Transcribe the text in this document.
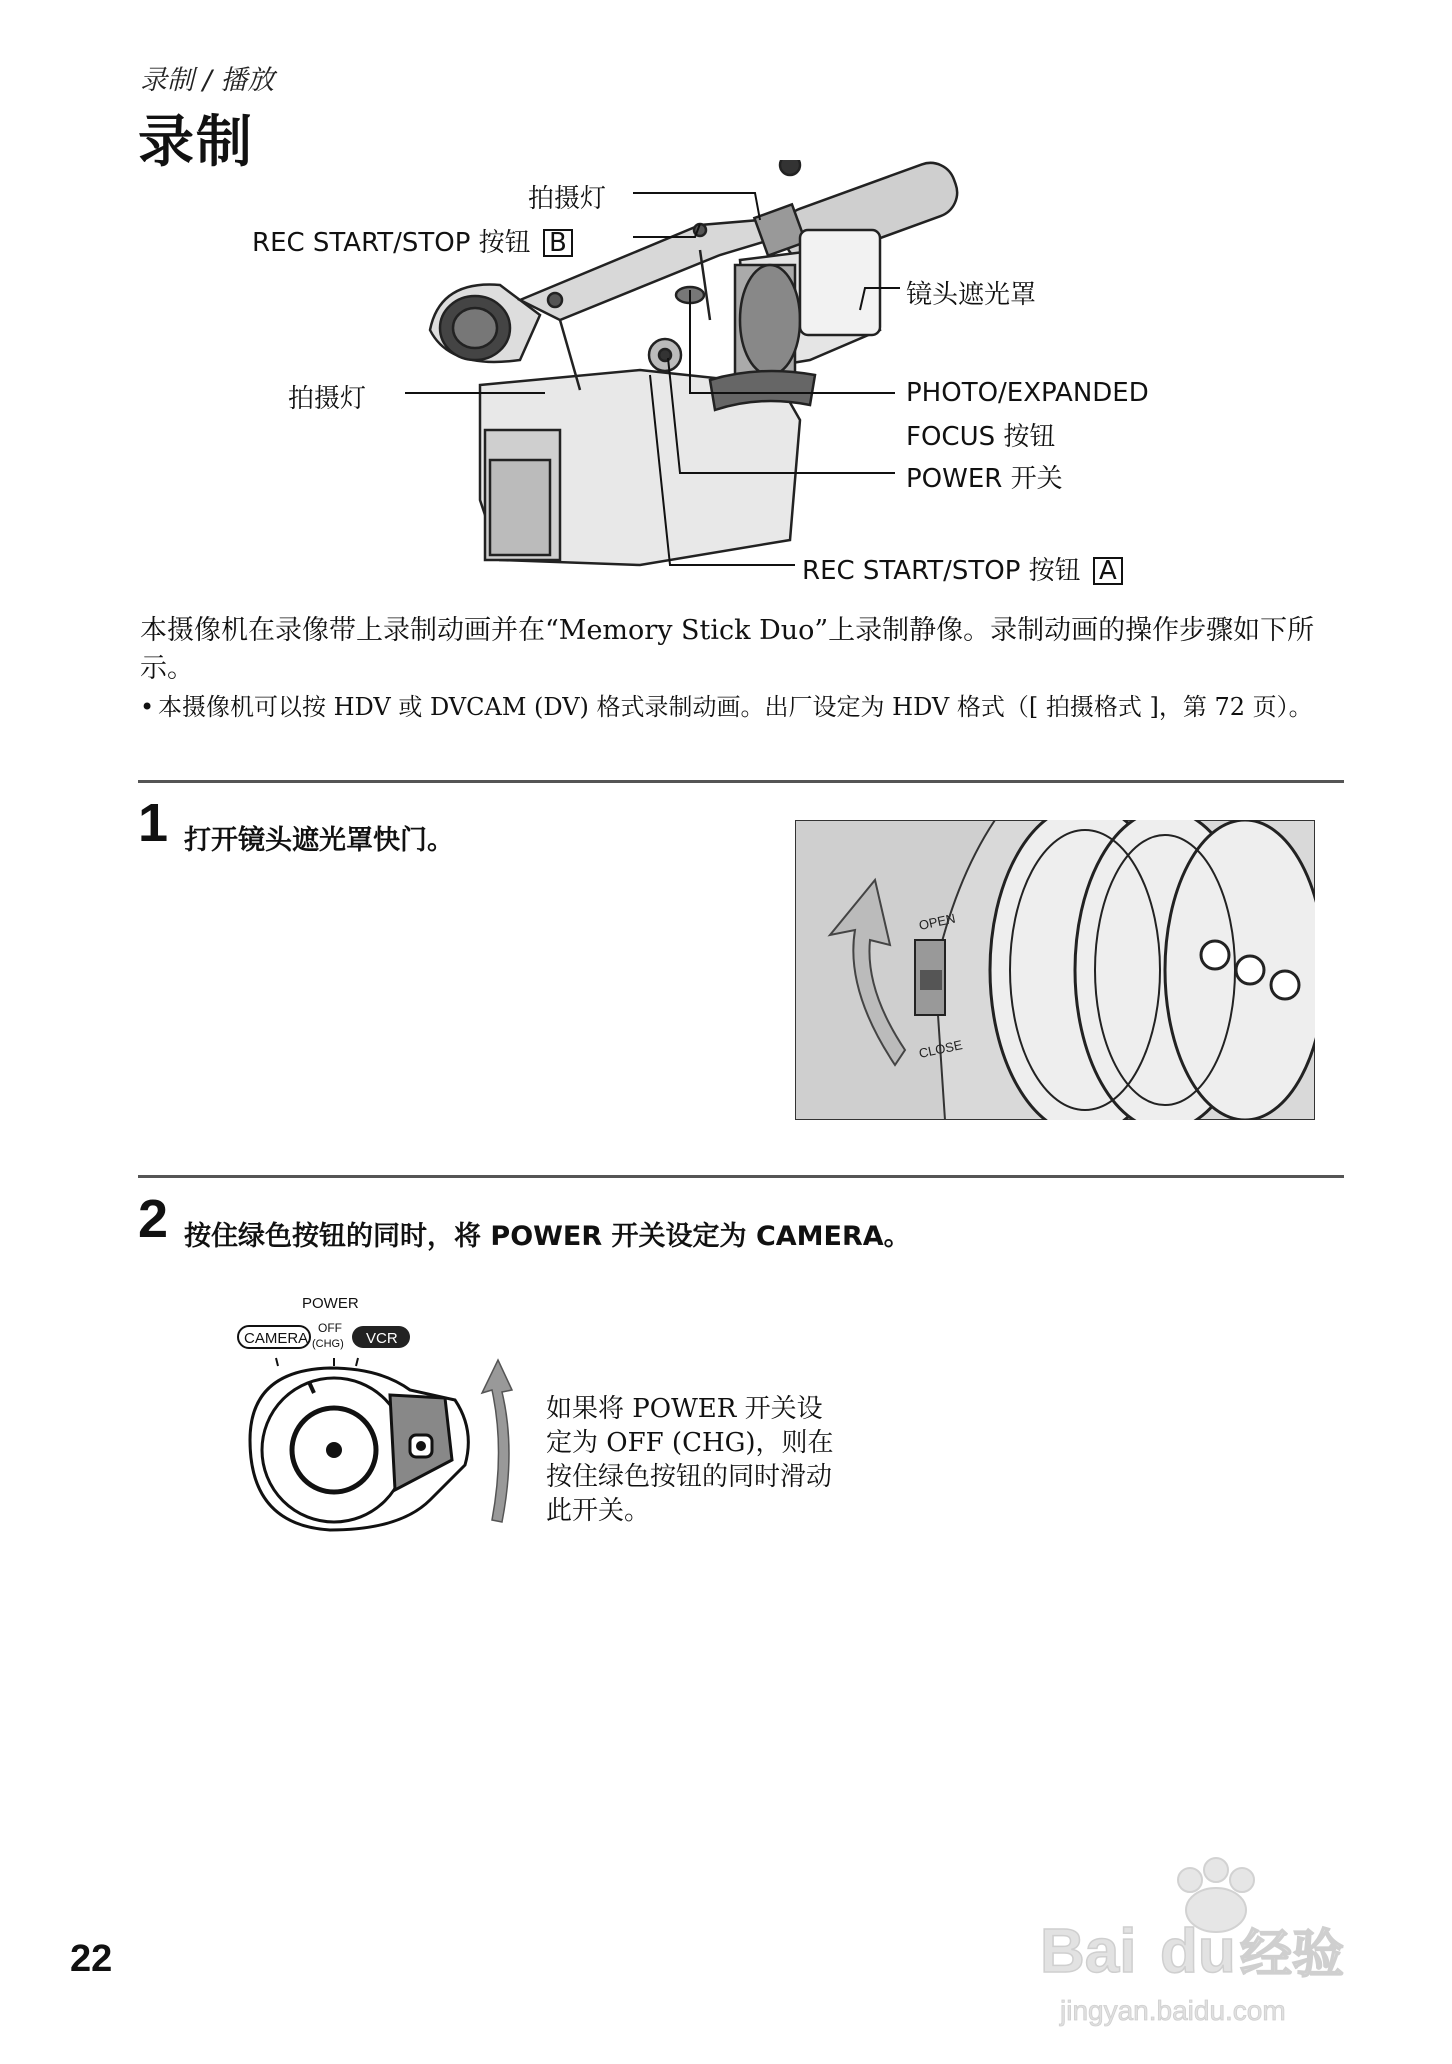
录制 / 播放
录制
拍摄灯
REC START/STOP 按钮 B
镜头遮光罩
拍摄灯	PHOTO/EXPANDED
FOCUS 按钮
POWER 开关
REC START/STOP 按钮 A
本摄像机在录像带上录制动画并在“Memory Stick Duo”上录制静像。录制动画的操作步骤如下所示。
• 本摄像机可以按 HDV 或 DVCAM (DV) 格式录制动画。出厂设定为 HDV 格式（[ 拍摄格式 ]，第 72 页）。
1 打开镜头遮光罩快门。
OPEN
CLOSE
2 按住绿色按钮的同时，将 POWER 开关设定为 CAMERA。
POWER
CAMERA
OFF
(CHG) VCR
如果将 POWER 开关设定为 OFF (CHG)，则在按住绿色按钮的同时滑动此开关。
22	Bai du 经验
jingyan.baidu.com
